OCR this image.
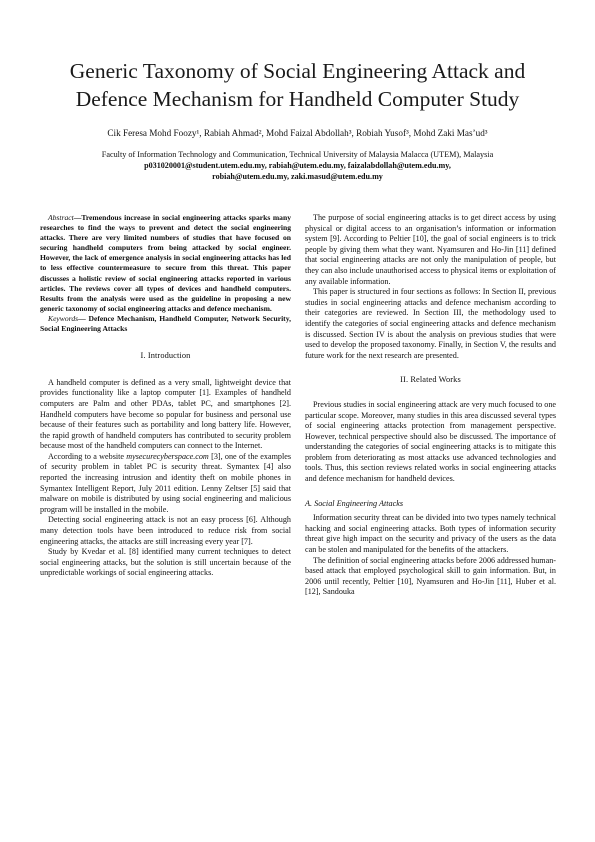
Generic Taxonomy of Social Engineering Attack and
Defence Mechanism for Handheld Computer Study
Cik Feresa Mohd Foozy¹, Rabiah Ahmad², Mohd Faizal Abdollah³, Robiah Yusof³, Mohd Zaki Mas’ud³
Faculty of Information Technology and Communication, Technical University of Malaysia Malacca (UTEM), Malaysia
p031020001@student.utem.edu.my, rabiah@utem.edu.my, faizalabdollah@utem.edu.my,
robiah@utem.edu.my, zaki.masud@utem.edu.my

Abstract—Tremendous increase in social engineering attacks sparks many researches to find the ways to prevent and detect the social engineering attacks. There are very limited numbers of studies that have focused on securing handheld computers from being attacked by social engineer. However, the lack of emergence analysis in social engineering attacks has led to less effective countermeasure to secure from this threat. This paper discusses a holistic review of social engineering attacks reported in various articles. The reviews cover all types of devices and handheld computers. Results from the analysis were used as the guideline in proposing a new generic taxonomy of social engineering attacks and defence mechanism.

Keywords— Defence Mechanism, Handheld Computer, Network Security, Social Engineering Attacks

I. Introduction

A handheld computer is defined as a very small, lightweight device that provides functionality like a laptop computer [1]. Examples of handheld computers are Palm and other PDAs, tablet PC, and smartphones [2]. Handheld computers have become so popular for business and personal use because of their features such as portability and long battery life. However, the rapid growth of handheld computers has contributed to security problem because most of the handheld computers can connect to the Internet.

According to a website mysecurecyberspace.com [3], one of the examples of security problem in tablet PC is security threat. Symantex [4] also reported the increasing intrusion and identity theft on mobile phones in Symantex Intelligent Report, July 2011 edition. Lenny Zeltser [5] said that malware on mobile is distributed by using social engineering and malicious program will be installed in the mobile.

Detecting social engineering attack is not an easy process [6]. Although many detection tools have been introduced to reduce risk from social engineering attacks, the attacks are still increasing every year [7].

Study by Kvedar et al. [8] identified many current techniques to detect social engineering attacks, but the solution is still uncertain because of the unpredictable workings of social engineering attacks.

The purpose of social engineering attacks is to get direct access by using physical or digital access to an organisation’s information or information system [9]. According to Peltier [10], the goal of social engineers is to trick people by giving them what they want. Nyamsuren and Ho-Jin [11] defined that social engineering attacks are not only the manipulation of people, but they can also include unauthorised access to physical items or exploitation of any available information.

This paper is structured in four sections as follows: In Section II, previous studies in social engineering attacks and defence mechanism according to their categories are reviewed. In Section III, the methodology used to identify the categories of social engineering attacks and defence mechanism is discussed. Section IV is about the analysis on previous studies that were used to develop the proposed taxonomy. Finally, in Section V, the results and future work for the next research are presented.

II. Related Works

Previous studies in social engineering attack are very much focused to one particular scope. Moreover, many studies in this area discussed several types of social engineering attacks protection from management perspective. However, technical perspective should also be discussed. The importance of understanding the categories of social engineering attacks is to mitigate this problem from deteriorating as most attacks use advanced technologies and tools. Thus, this section reviews related works in social engineering attacks and defence mechanism for handheld devices.

A. Social Engineering Attacks

Information security threat can be divided into two types namely technical hacking and social engineering attacks. Both types of information security threat give high impact on the security and privacy of the users as the data can be stolen and manipulated for the benefits of the attackers.

The definition of social engineering attacks before 2006 addressed human-based attack that employed psychological skill to gain information. But, in 2006 until recently, Peltier [10], Nyamsuren and Ho-Jin [11], Huber et al. [12], Sandouka
